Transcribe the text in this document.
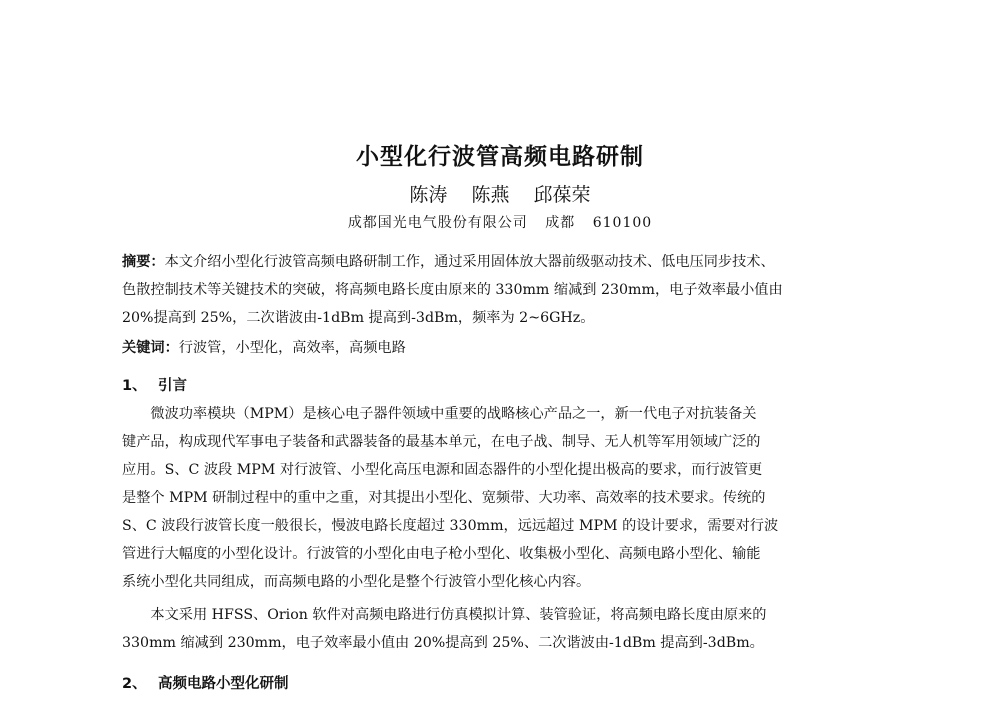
小型化行波管高频电路研制
陈涛 陈燕 邱葆荣
成都国光电气股份有限公司 成都 610100
摘要：本文介绍小型化行波管高频电路研制工作，通过采用固体放大器前级驱动技术、低电压同步技术、
色散控制技术等关键技术的突破，将高频电路长度由原来的 330mm 缩减到 230mm，电子效率最小值由
20%提高到 25%，二次谐波由-1dBm 提高到-3dBm，频率为 2~6GHz。
关键词：行波管，小型化，高效率，高频电路
1、 引言
微波功率模块（MPM）是核心电子器件领域中重要的战略核心产品之一，新一代电子对抗装备关
键产品，构成现代军事电子装备和武器装备的最基本单元，在电子战、制导、无人机等军用领域广泛的
应用。S、C 波段 MPM 对行波管、小型化高压电源和固态器件的小型化提出极高的要求，而行波管更
是整个 MPM 研制过程中的重中之重，对其提出小型化、宽频带、大功率、高效率的技术要求。传统的
S、C 波段行波管长度一般很长，慢波电路长度超过 330mm，远远超过 MPM 的设计要求，需要对行波
管进行大幅度的小型化设计。行波管的小型化由电子枪小型化、收集极小型化、高频电路小型化、输能
系统小型化共同组成，而高频电路的小型化是整个行波管小型化核心内容。
本文采用 HFSS、Orion 软件对高频电路进行仿真模拟计算、装管验证，将高频电路长度由原来的
330mm 缩减到 230mm，电子效率最小值由 20%提高到 25%、二次谐波由-1dBm 提高到-3dBm。
2、 高频电路小型化研制
